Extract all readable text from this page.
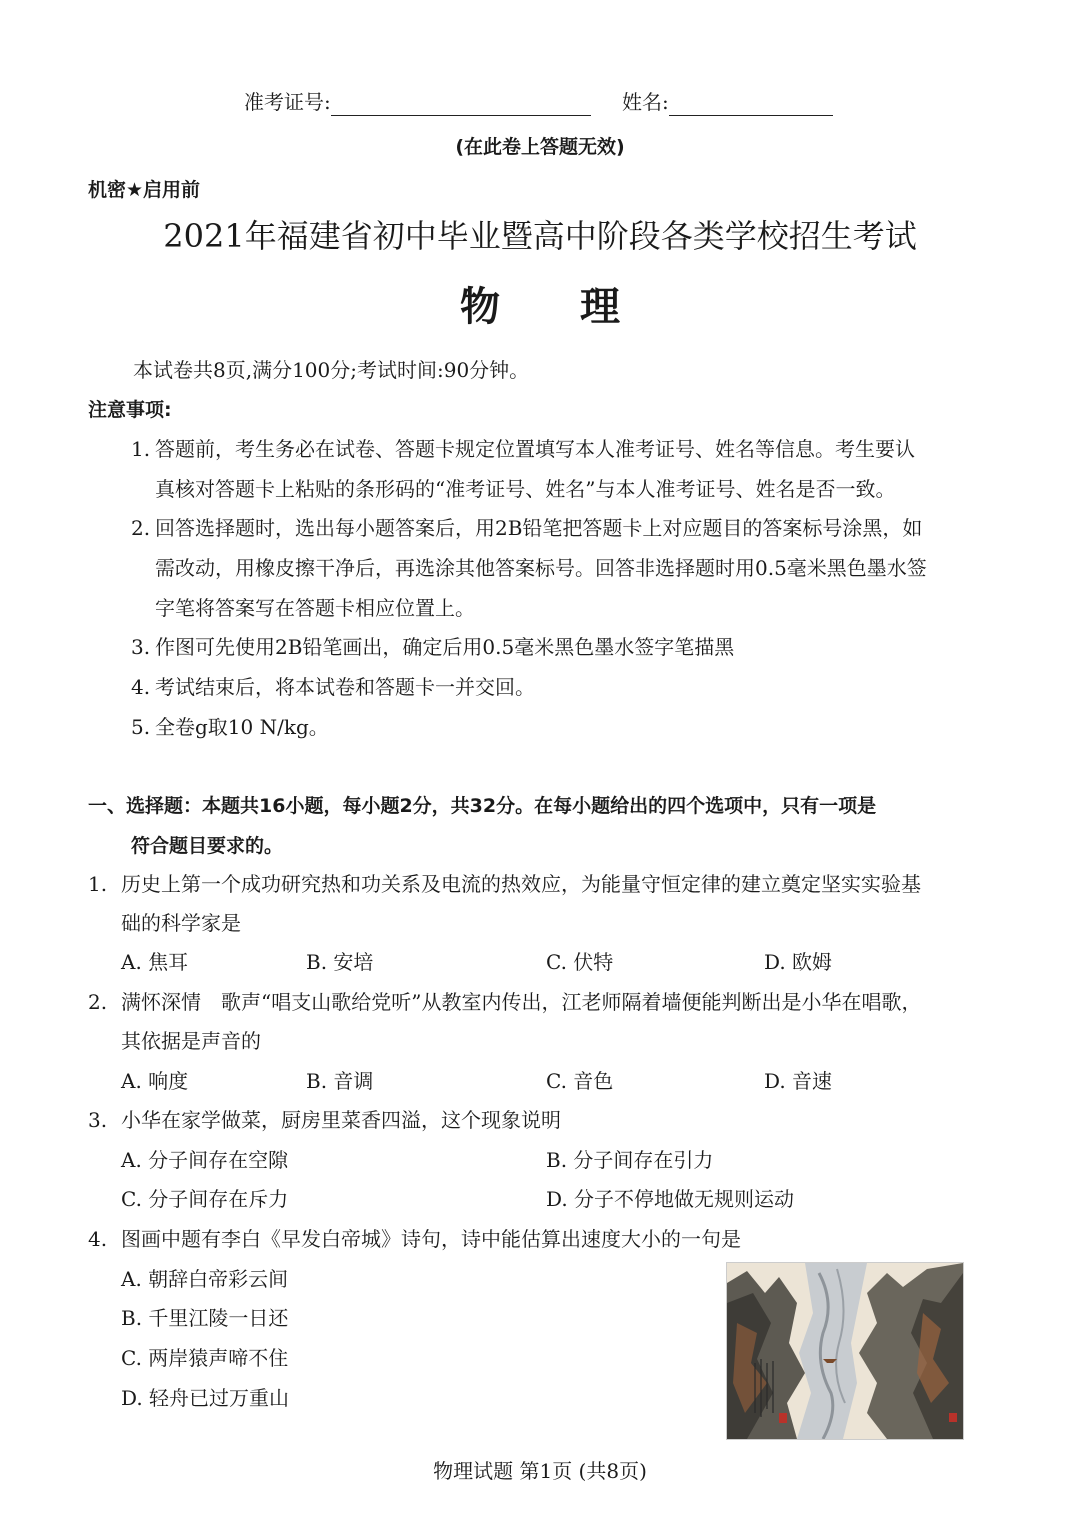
准考证号:	姓名:
(在此卷上答题无效)
机密★启用前
2021年福建省初中毕业暨高中阶段各类学校招生考试
物　　理
本试卷共8页,满分100分;考试时间:90分钟。
注意事项:
1. 答题前，考生务必在试卷、答题卡规定位置填写本人准考证号、姓名等信息。考生要认
真核对答题卡上粘贴的条形码的“准考证号、姓名”与本人准考证号、姓名是否一致。
2. 回答选择题时，选出每小题答案后，用2B铅笔把答题卡上对应题目的答案标号涂黑，如
需改动，用橡皮擦干净后，再选涂其他答案标号。回答非选择题时用0.5毫米黑色墨水签
字笔将答案写在答题卡相应位置上。
3. 作图可先使用2B铅笔画出，确定后用0.5毫米黑色墨水签字笔描黑
4. 考试结束后，将本试卷和答题卡一并交回。
5. 全卷g取10 N/kg。
一、选择题：本题共16小题，每小题2分，共32分。在每小题给出的四个选项中，只有一项是
符合题目要求的。
1. 历史上第一个成功研究热和功关系及电流的热效应，为能量守恒定律的建立奠定坚实实验基
础的科学家是
A. 焦耳	B. 安培	C. 伏特	D. 欧姆
2. 满怀深情　歌声“唱支山歌给党听”从教室内传出，江老师隔着墙便能判断出是小华在唱歌，
其依据是声音的
A. 响度	B. 音调	C. 音色	D. 音速
3. 小华在家学做菜，厨房里菜香四溢，这个现象说明
A. 分子间存在空隙	B. 分子间存在引力
C. 分子间存在斥力	D. 分子不停地做无规则运动
4. 图画中题有李白《早发白帝城》诗句，诗中能估算出速度大小的一句是
A. 朝辞白帝彩云间
B. 千里江陵一日还
C. 两岸猿声啼不住
D. 轻舟已过万重山
物理试题 第1页 (共8页)
